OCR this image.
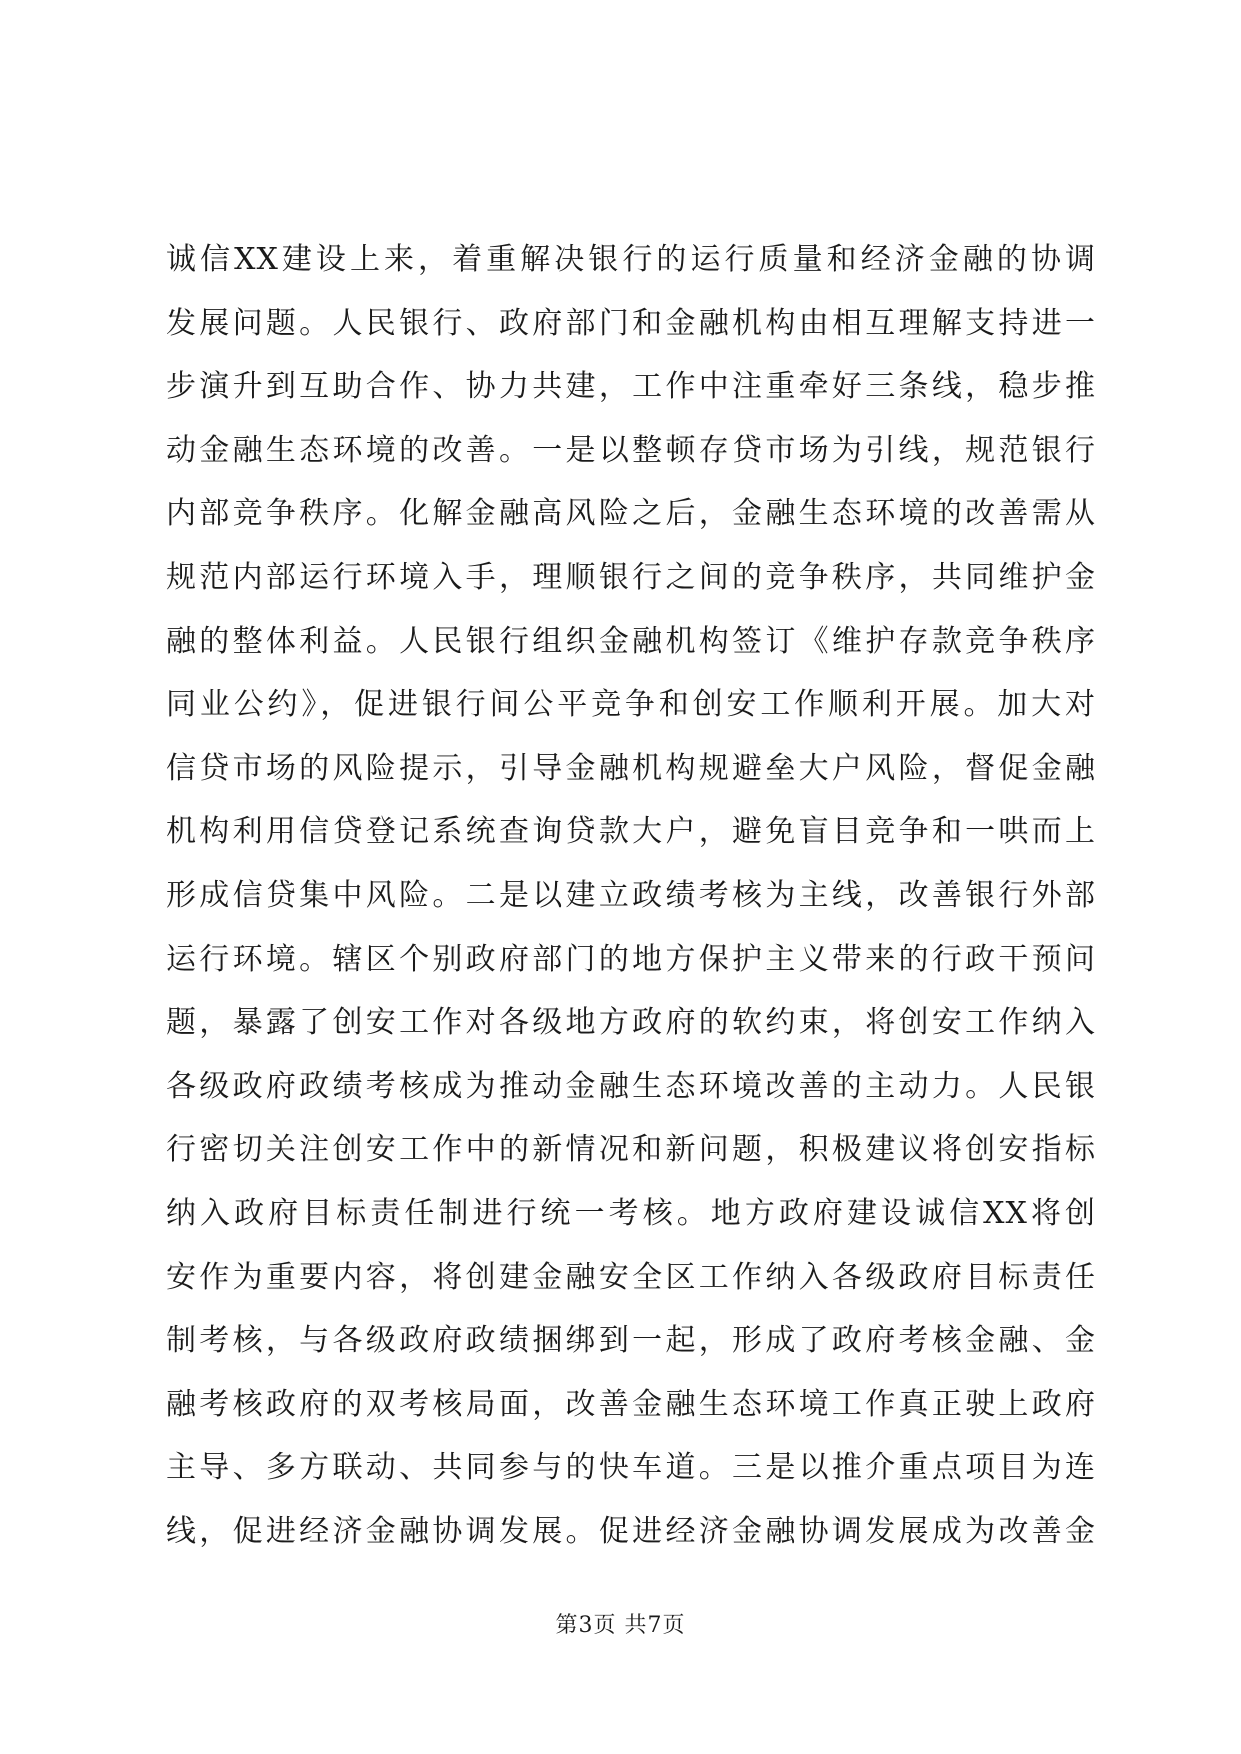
诚信XX建设上来，着重解决银行的运行质量和经济金融的协调
发展问题。人民银行、政府部门和金融机构由相互理解支持进一
步演升到互助合作、协力共建，工作中注重牵好三条线，稳步推
动金融生态环境的改善。一是以整顿存贷市场为引线，规范银行
内部竞争秩序。化解金融高风险之后，金融生态环境的改善需从
规范内部运行环境入手，理顺银行之间的竞争秩序，共同维护金
融的整体利益。人民银行组织金融机构签订《维护存款竞争秩序
同业公约》，促进银行间公平竞争和创安工作顺利开展。加大对
信贷市场的风险提示，引导金融机构规避垒大户风险，督促金融
机构利用信贷登记系统查询贷款大户，避免盲目竞争和一哄而上
形成信贷集中风险。二是以建立政绩考核为主线，改善银行外部
运行环境。辖区个别政府部门的地方保护主义带来的行政干预问
题，暴露了创安工作对各级地方政府的软约束，将创安工作纳入
各级政府政绩考核成为推动金融生态环境改善的主动力。人民银
行密切关注创安工作中的新情况和新问题，积极建议将创安指标
纳入政府目标责任制进行统一考核。地方政府建设诚信XX将创
安作为重要内容，将创建金融安全区工作纳入各级政府目标责任
制考核，与各级政府政绩捆绑到一起，形成了政府考核金融、金
融考核政府的双考核局面，改善金融生态环境工作真正驶上政府
主导、多方联动、共同参与的快车道。三是以推介重点项目为连
线，促进经济金融协调发展。促进经济金融协调发展成为改善金
第3页 共7页
